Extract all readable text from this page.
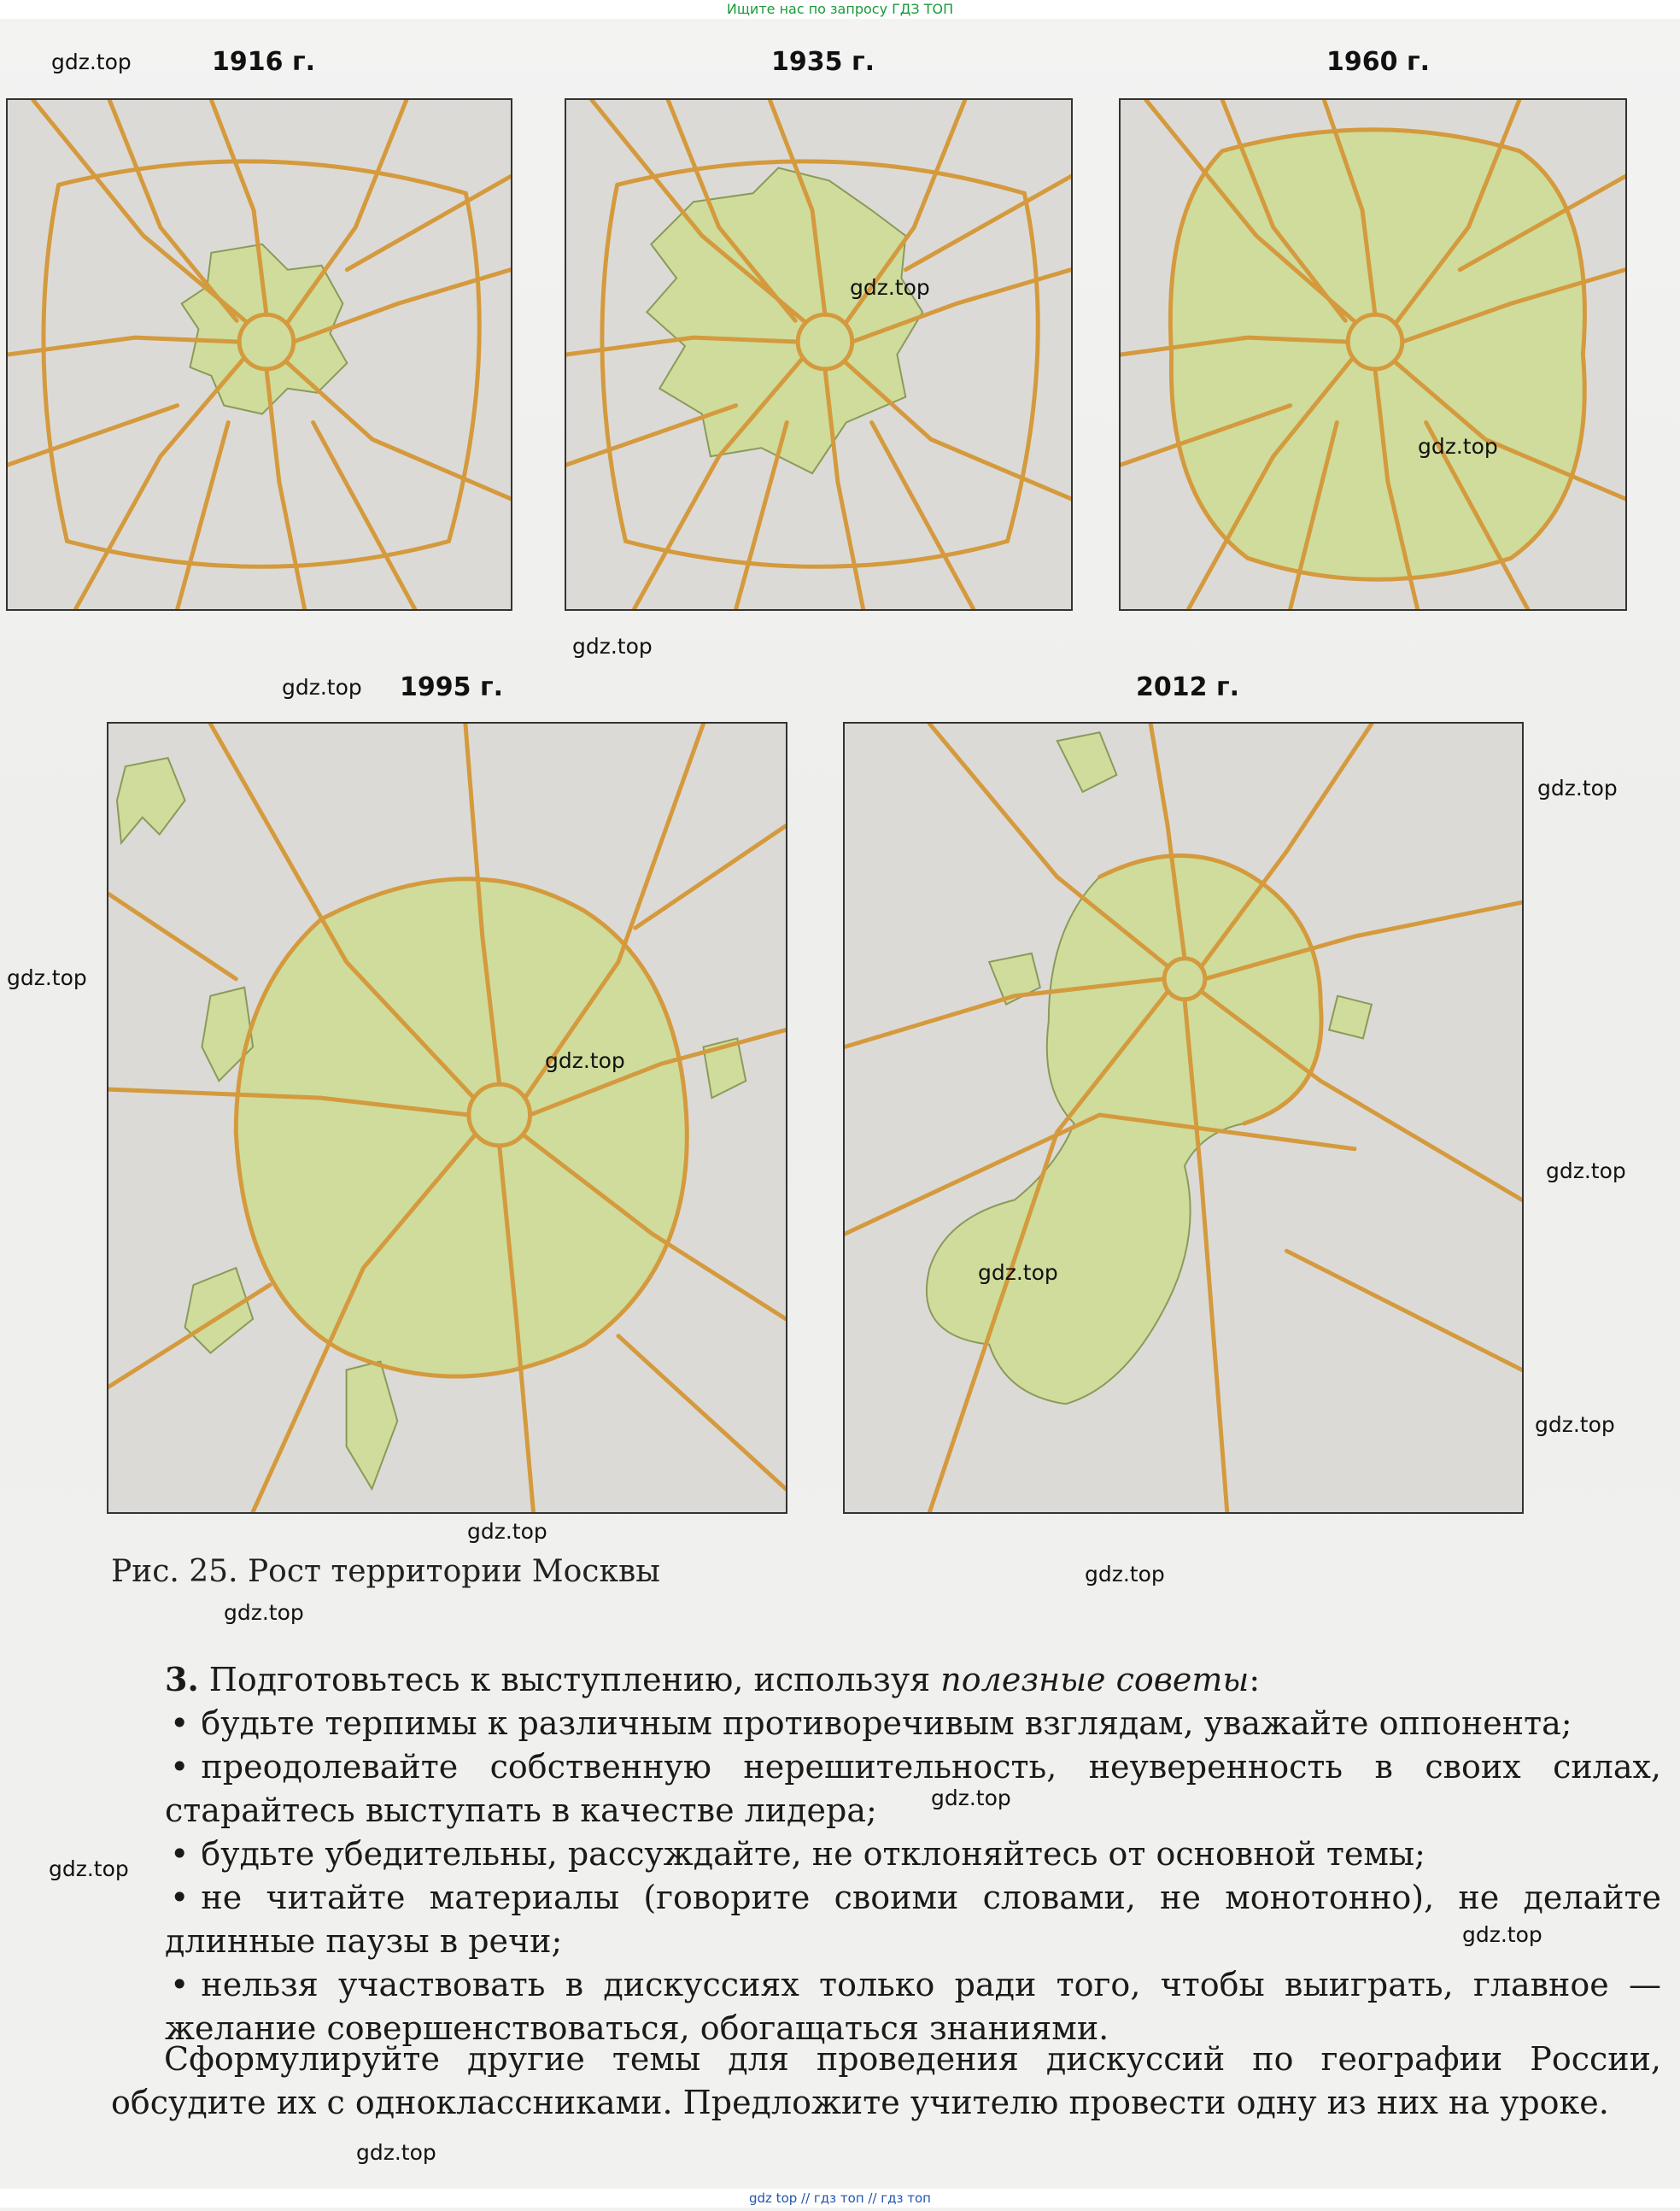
Ищите нас по запросу ГДЗ ТОП
1916 г.	1935 г.	1960 г.
1995 г.	2012 г.
gdz.top
gdz.top
gdz.top
gdz.top
gdz.top
gdz.top
gdz.top
gdz.top
gdz.top
gdz.top
gdz.top
gdz.top
gdz.top
gdz.top
gdz.top
gdz.top
gdz.top
gdz.top
Рис. 25. Рост территории Москвы

3. Подготовьтесь к выступлению, используя полезные советы:

• будьте терпимы к различным противоречивым взглядам, уважайте оппонента;

• преодолевайте собственную нерешительность, неуверенность в своих силах, старайтесь выступать в качестве лидера;

• будьте убедительны, рассуждайте, не отклоняйтесь от основной темы;

• не читайте материалы (говорите своими словами, не монотонно), не делайте длинные паузы в речи;

• нельзя участвовать в дискуссиях только ради того, чтобы выиграть, главное — желание совершенствоваться, обогащаться знаниями.

Сформулируйте другие темы для проведения дискуссий по географии России, обсудите их с одноклассниками. Предложите учителю провести одну из них на уроке.
gdz top // гдз топ // гдз топ
